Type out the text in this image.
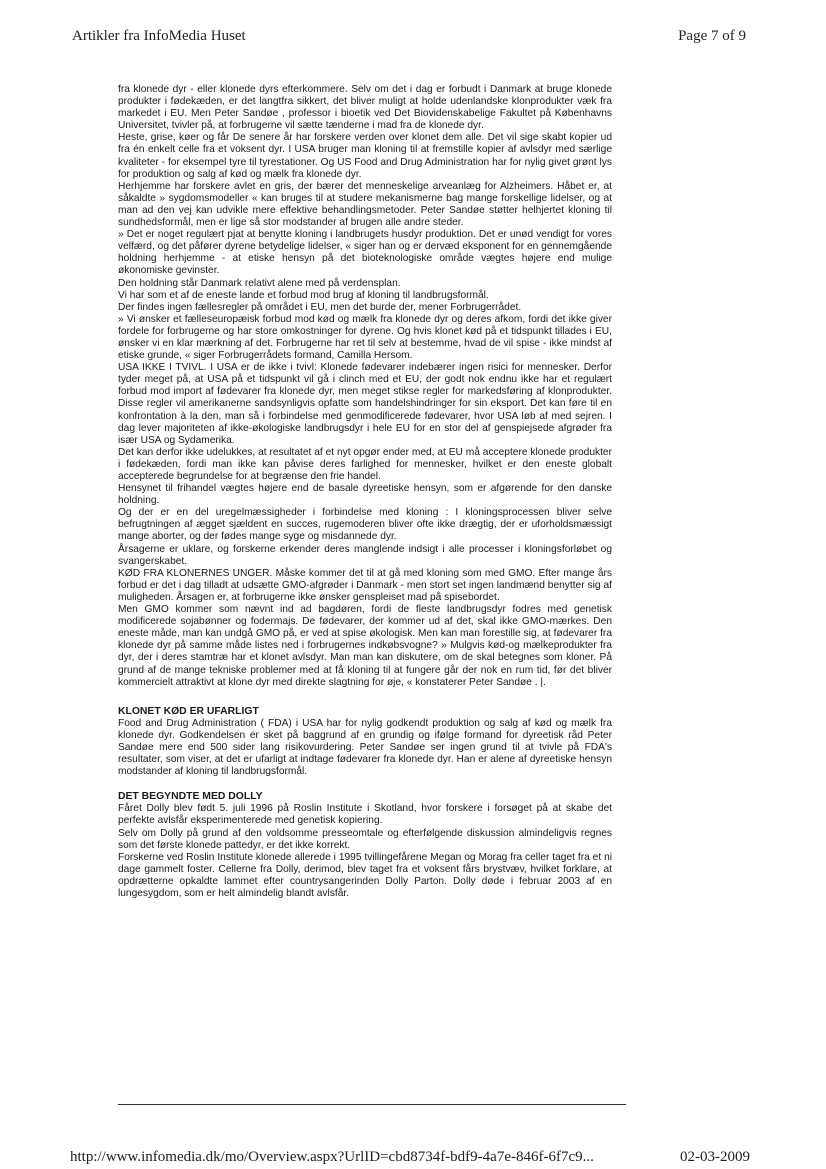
Artikler fra InfoMedia Huset	Page 7 of 9

fra klonede dyr - eller klonede dyrs efterkommere. Selv om det i dag er forbudt i Danmark at bruge klonede produkter i fødekæden, er det langtfra sikkert, det bliver muligt at holde udenlandske klonprodukter væk fra markedet i EU. Men Peter Sandøe , professor i bioetik ved Det Biovidenskabelige Fakultet på Københavns Universitet, tvivler på, at forbrugerne vil sætte tænderne i mad fra de klonede dyr.

Heste, grise, køer og får De senere år har forskere verden over klonet dem alle. Det vil sige skabt kopier ud fra én enkelt celle fra et voksent dyr. I USA bruger man kloning til at fremstille kopier af avlsdyr med særlige kvaliteter - for eksempel tyre til tyrestationer. Og US Food and Drug Administration har for nylig givet grønt lys for produktion og salg af kød og mælk fra klonede dyr.

Herhjemme har forskere avlet en gris, der bærer det menneskelige arveanlæg for Alzheimers. Håbet er, at såkaldte » sygdomsmodeller « kan bruges til at studere mekanismerne bag mange forskellige lidelser, og at man ad den vej kan udvikle mere effektive behandlingsmetoder. Peter Sandøe støtter helhjertet kloning til sundhedsformål, men er lige så stor modstander af brugen alle andre steder.

» Det er noget regulært pjat at benytte kloning i landbrugets husdyr produktion. Det er unød vendigt for vores velfærd, og det påfører dyrene betydelige lidelser, « siger han og er dervæd eksponent for en gennemgående holdning herhjemme - at etiske hensyn på det bioteknologiske område vægtes højere end mulige økonomiske gevinster.

Den holdning står Danmark relativt alene med på verdensplan.

Vi har som et af de eneste lande et forbud mod brug af kloning til landbrugsformål.

Der findes ingen fællesregler på området i EU, men det burde der, mener Forbrugerrådet.

» Vi ønsker et fælleseuropæisk forbud mod kød og mælk fra klonede dyr og deres afkom, fordi det ikke giver fordele for forbrugerne og har store omkostninger for dyrene. Og hvis klonet kød på et tidspunkt tillades i EU, ønsker vi en klar mærkning af det. Forbrugerne har ret til selv at bestemme, hvad de vil spise - ikke mindst af etiske grunde, « siger Forbrugerrådets formand, Camilla Hersom.

USA IKKE I TVIVL. I USA er de ikke i tvivl: Klonede fødevarer indebærer ingen risici for mennesker. Derfor tyder meget på, at USA på et tidspunkt vil gå i clinch med et EU, der godt nok endnu ikke har et regulært forbud mod import af fødevarer fra klonede dyr, men meget stikse regler for markedsføring af klonprodukter. Disse regler vil amerikanerne sandsynligvis opfatte som handelshindringer for sin eksport. Det kan føre til en konfrontation à la den, man så i forbindelse med genmodificerede fødevarer, hvor USA løb af med sejren. I dag lever majoriteten af ikke-økologiske landbrugsdyr i hele EU for en stor del af genspiejsede afgrøder fra især USA og Sydamerika.

Det kan derfor ikke udelukkes, at resultatet af et nyt opgør ender med, at EU må acceptere klonede produkter i fødekæden, fordi man ikke kan påvise deres farlighed for mennesker, hvilket er den eneste globalt accepterede begrundelse for at begrænse den frie handel.

Hensynet til frihandel vægtes højere end de basale dyreetiske hensyn, som er afgørende for den danske holdning.

Og der er en del uregelmæssigheder i forbindelse med kloning : I kloningsprocessen bliver selve befrugtningen af ægget sjældent en succes, rugemoderen bliver ofte ikke drægtig, der er uforholdsmæssigt mange aborter, og der fødes mange syge og misdannede dyr.

Årsagerne er uklare, og forskerne erkender deres manglende indsigt i alle processer i kloningsforløbet og svangerskabet.

KØD FRA KLONERNES UNGER. Måske kommer det til at gå med kloning som med GMO. Efter mange års forbud er det i dag tilladt at udsætte GMO-afgrøder i Danmark - men stort set ingen landmænd benytter sig af muligheden. Årsagen er, at forbrugerne ikke ønsker genspleiset mad på spisebordet.

Men GMO kommer som nævnt ind ad bagdøren, fordi de fleste landbrugsdyr fodres med genetisk modificerede sojabønner og fodermajs. De fødevarer, der kommer ud af det, skal ikke GMO-mærkes. Den eneste måde, man kan undgå GMO på, er ved at spise økologisk. Men kan man forestille sig, at fødevarer fra klonede dyr på samme måde listes ned i forbrugernes indkøbsvogne? » Mulgvis kød-og mælkeprodukter fra dyr, der i deres stamtræ har et klonet avlsdyr. Man man kan diskutere, om de skal betegnes som kloner. På grund af de mange tekniske problemer med at få kloning til at fungere går der nok en rum tid, før det bliver kommercielt attraktivt at klone dyr med direkte slagtning for øje, « konstaterer Peter Sandøe . |.

KLONET KØD ER UFARLIGT

Food and Drug Administration ( FDA) i USA har for nylig godkendt produktion og salg af kød og mælk fra klonede dyr. Godkendelsen er sket på baggrund af en grundig og ifølge formand for dyreetisk råd Peter Sandøe mere end 500 sider lang risikovurdering. Peter Sandøe ser ingen grund til at tvivle på FDA's resultater, som viser, at det er ufarligt at indtage fødevarer fra klonede dyr. Han er alene af dyreetiske hensyn modstander af kloning til landbrugsformål.

DET BEGYNDTE MED DOLLY

Fåret Dolly blev født 5. juli 1996 på Roslin Institute i Skotland, hvor forskere i forsøget på at skabe det perfekte avlsfår eksperimenterede med genetisk kopiering.

Selv om Dolly på grund af den voldsomme presseomtale og efterfølgende diskussion almindeligvis regnes som det første klonede pattedyr, er det ikke korrekt.

Forskerne ved Roslin Institute klonede allerede i 1995 tvillingefårene Megan og Morag fra celler taget fra et ni dage gammelt foster. Cellerne fra Dolly, derimod, blev taget fra et voksent fårs brystvæv, hvilket forklare, at opdrætterne opkaldte lammet efter countrysangerinden Dolly Parton. Dolly døde i februar 2003 af en lungesygdom, som er helt almindelig blandt avlsfår.

http://www.infomedia.dk/mo/Overview.aspx?UrlID=cbd8734f-bdf9-4a7e-846f-6f7c9...	02-03-2009
